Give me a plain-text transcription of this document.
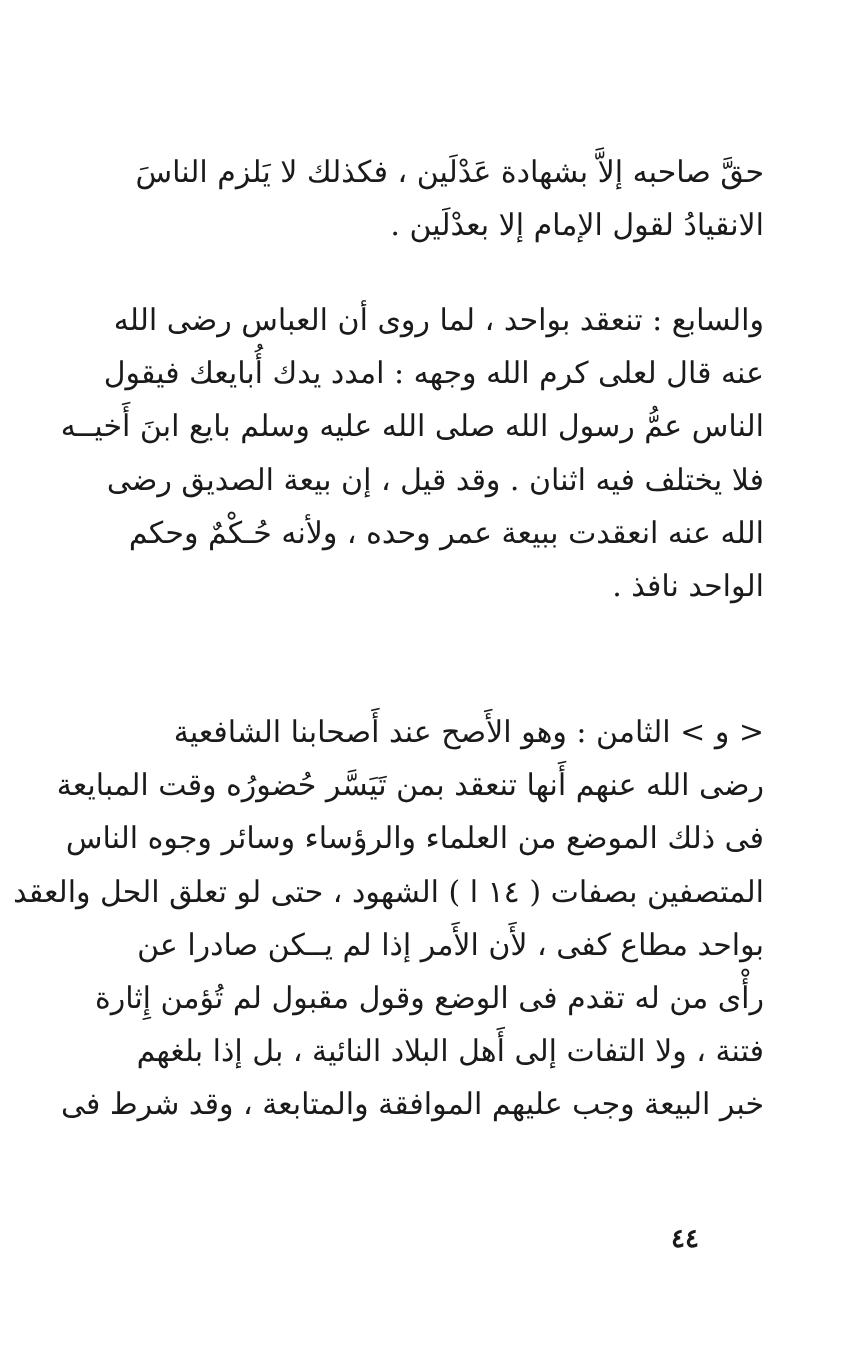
حقَّ صاحبه إلاَّ بشهادة عَدْلَين ، فكذلك لا يَلزم الناسَ
الانقيادُ لقول الإمام إلا بعدْلَين .
والسابع : تنعقد بواحد ، لما روى أن العباس رضى الله
عنه قال لعلى كرم الله وجهه : امدد يدك أُبايعك فيقول
الناس عمُّ رسول الله صلى الله عليه وسلم بايع ابنَ أَخيــه
فلا يختلف فيه اثنان . وقد قيل ، إن بيعة الصديق رضى
الله عنه انعقدت ببيعة عمر وحده ، ولأنه حُـكْمٌ وحكم
الواحد نافذ .
< و > الثامن : وهو الأَصح عند أَصحابنا الشافعية
رضى الله عنهم أَنها تنعقد بمن تَيَسَّر حُضورُه وقت المبايعة
فى ذلك الموضع من العلماء والرؤساء وسائر وجوه الناس
المتصفين بصفات ( ١٤ ا ) الشهود ، حتى لو تعلق الحل والعقد
بواحد مطاع كفى ، لأَن الأَمر إذا لم يــكن صادرا عن
رأْى من له تقدم فى الوضع وقول مقبول لم تُؤمن إِثارة
فتنة ، ولا التفات إلى أَهل البلاد النائية ، بل إذا بلغهم
خبر البيعة وجب عليهم الموافقة والمتابعة ، وقد شرط فى
٤٤
